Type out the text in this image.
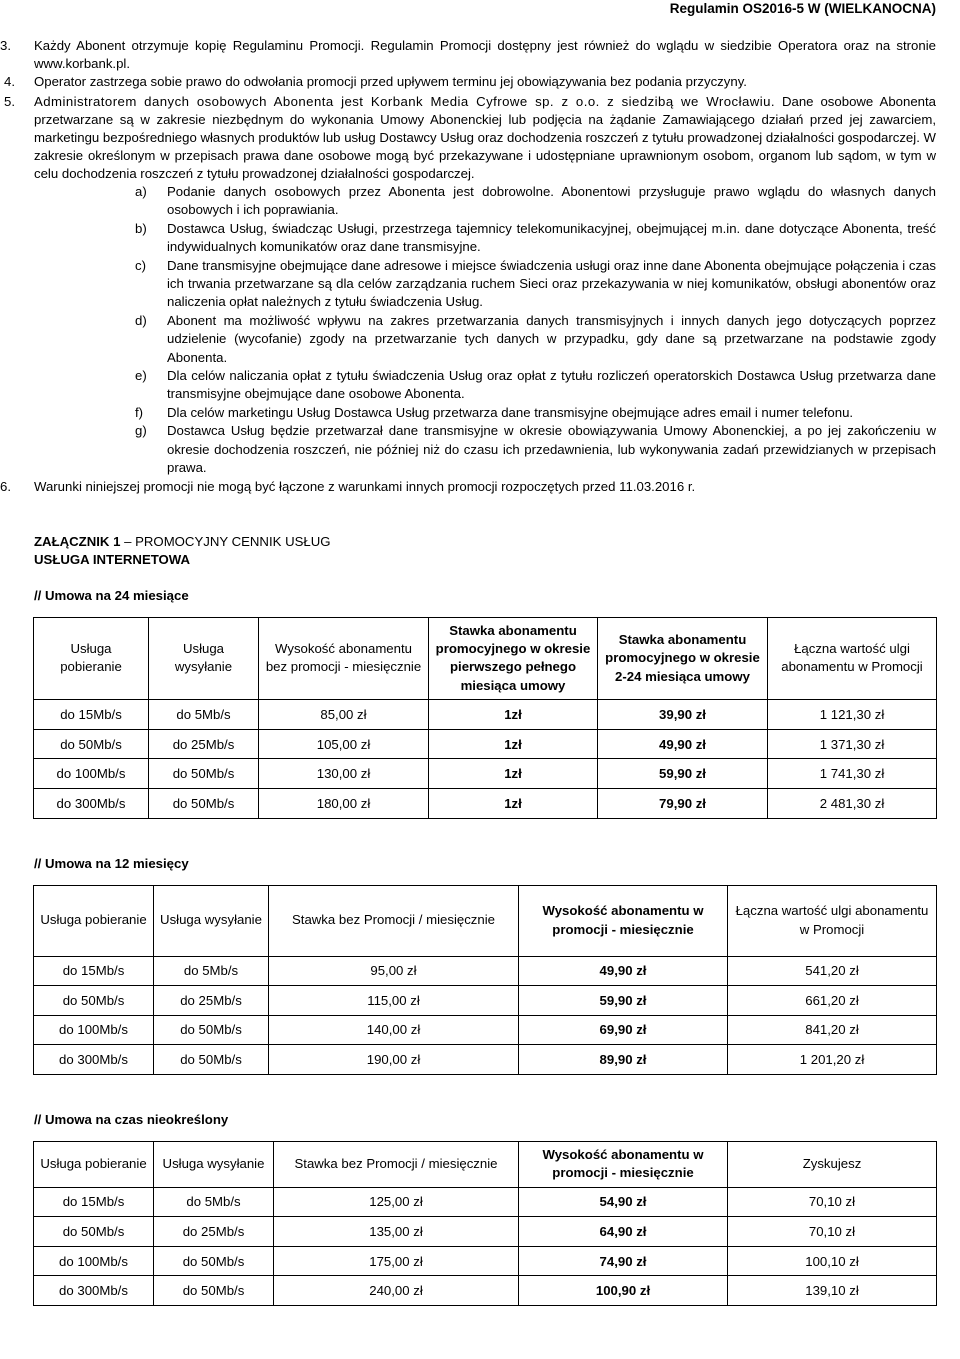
Regulamin OS2016-5 W (WIELKANOCNA)
3. Każdy Abonent otrzymuje kopię Regulaminu Promocji. Regulamin Promocji dostępny jest również do wglądu w siedzibie Operatora oraz na stronie www.korbank.pl.
4. Operator zastrzega sobie prawo do odwołania promocji przed upływem terminu jej obowiązywania bez podania przyczyny.
5. Administratorem danych osobowych Abonenta jest Korbank Media Cyfrowe sp. z o.o. z siedzibą we Wrocławiu. Dane osobowe Abonenta przetwarzane są w zakresie niezbędnym do wykonania Umowy Abonenckiej lub podjęcia na żądanie Zamawiającego działań przed jej zawarciem, marketingu bezpośredniego własnych produktów lub usług Dostawcy Usług oraz dochodzenia roszczeń z tytułu prowadzonej działalności gospodarczej. W zakresie określonym w przepisach prawa dane osobowe mogą być przekazywane i udostępniane uprawnionym osobom, organom lub sądom, w tym w celu dochodzenia roszczeń z tytułu prowadzonej działalności gospodarczej.
a) Podanie danych osobowych przez Abonenta jest dobrowolne. Abonentowi przysługuje prawo wglądu do własnych danych osobowych i ich poprawiania.
b) Dostawca Usług, świadcząc Usługi, przestrzega tajemnicy telekomunikacyjnej, obejmującej m.in. dane dotyczące Abonenta, treść indywidualnych komunikatów oraz dane transmisyjne.
c) Dane transmisyjne obejmujące dane adresowe i miejsce świadczenia usługi oraz inne dane Abonenta obejmujące połączenia i czas ich trwania przetwarzane są dla celów zarządzania ruchem Sieci oraz przekazywania w niej komunikatów, obsługi abonentów oraz naliczenia opłat należnych z tytułu świadczenia Usług.
d) Abonent ma możliwość wpływu na zakres przetwarzania danych transmisyjnych i innych danych jego dotyczących poprzez udzielenie (wycofanie) zgody na przetwarzanie tych danych w przypadku, gdy dane są przetwarzane na podstawie zgody Abonenta.
e) Dla celów naliczania opłat z tytułu świadczenia Usług oraz opłat z tytułu rozliczeń operatorskich Dostawca Usług przetwarza dane transmisyjne obejmujące dane osobowe Abonenta.
f) Dla celów marketingu Usług Dostawca Usług przetwarza dane transmisyjne obejmujące adres email i numer telefonu.
g) Dostawca Usług będzie przetwarzał dane transmisyjne w okresie obowiązywania Umowy Abonenckiej, a po jej zakończeniu w okresie dochodzenia roszczeń, nie później niż do czasu ich przedawnienia, lub wykonywania zadań przewidzianych w przepisach prawa.
6. Warunki niniejszej promocji nie mogą być łączone z warunkami innych promocji rozpoczętych przed 11.03.2016 r.
ZAŁĄCZNIK 1 – PROMOCYJNY CENNIK USŁUG
USŁUGA INTERNETOWA
// Umowa na 24 miesiące
Usługa pobieranie	Usługa wysyłanie	Wysokość abonamentu bez promocji - miesięcznie	Stawka abonamentu promocyjnego w okresie pierwszego pełnego miesiąca umowy	Stawka abonamentu promocyjnego w okresie 2-24 miesiąca umowy	Łączna wartość ulgi abonamentu w Promocji
do 15Mb/s	do 5Mb/s	85,00 zł	1zł	39,90 zł	1 121,30 zł
do 50Mb/s	do 25Mb/s	105,00 zł	1zł	49,90 zł	1 371,30 zł
do 100Mb/s	do 50Mb/s	130,00 zł	1zł	59,90 zł	1 741,30 zł
do 300Mb/s	do 50Mb/s	180,00 zł	1zł	79,90 zł	2 481,30 zł
// Umowa na 12 miesięcy
Usługa pobieranie	Usługa wysyłanie	Stawka bez Promocji / miesięcznie	Wysokość abonamentu w promocji - miesięcznie	Łączna wartość ulgi abonamentu w Promocji
do 15Mb/s	do 5Mb/s	95,00 zł	49,90 zł	541,20 zł
do 50Mb/s	do 25Mb/s	115,00 zł	59,90 zł	661,20 zł
do 100Mb/s	do 50Mb/s	140,00 zł	69,90 zł	841,20 zł
do 300Mb/s	do 50Mb/s	190,00 zł	89,90 zł	1 201,20 zł
// Umowa na czas nieokreślony
Usługa pobieranie	Usługa wysyłanie	Stawka bez Promocji / miesięcznie	Wysokość abonamentu w promocji - miesięcznie	Zyskujesz
do 15Mb/s	do 5Mb/s	125,00 zł	54,90 zł	70,10 zł
do 50Mb/s	do 25Mb/s	135,00 zł	64,90 zł	70,10 zł
do 100Mb/s	do 50Mb/s	175,00 zł	74,90 zł	100,10 zł
do 300Mb/s	do 50Mb/s	240,00 zł	100,90 zł	139,10 zł
